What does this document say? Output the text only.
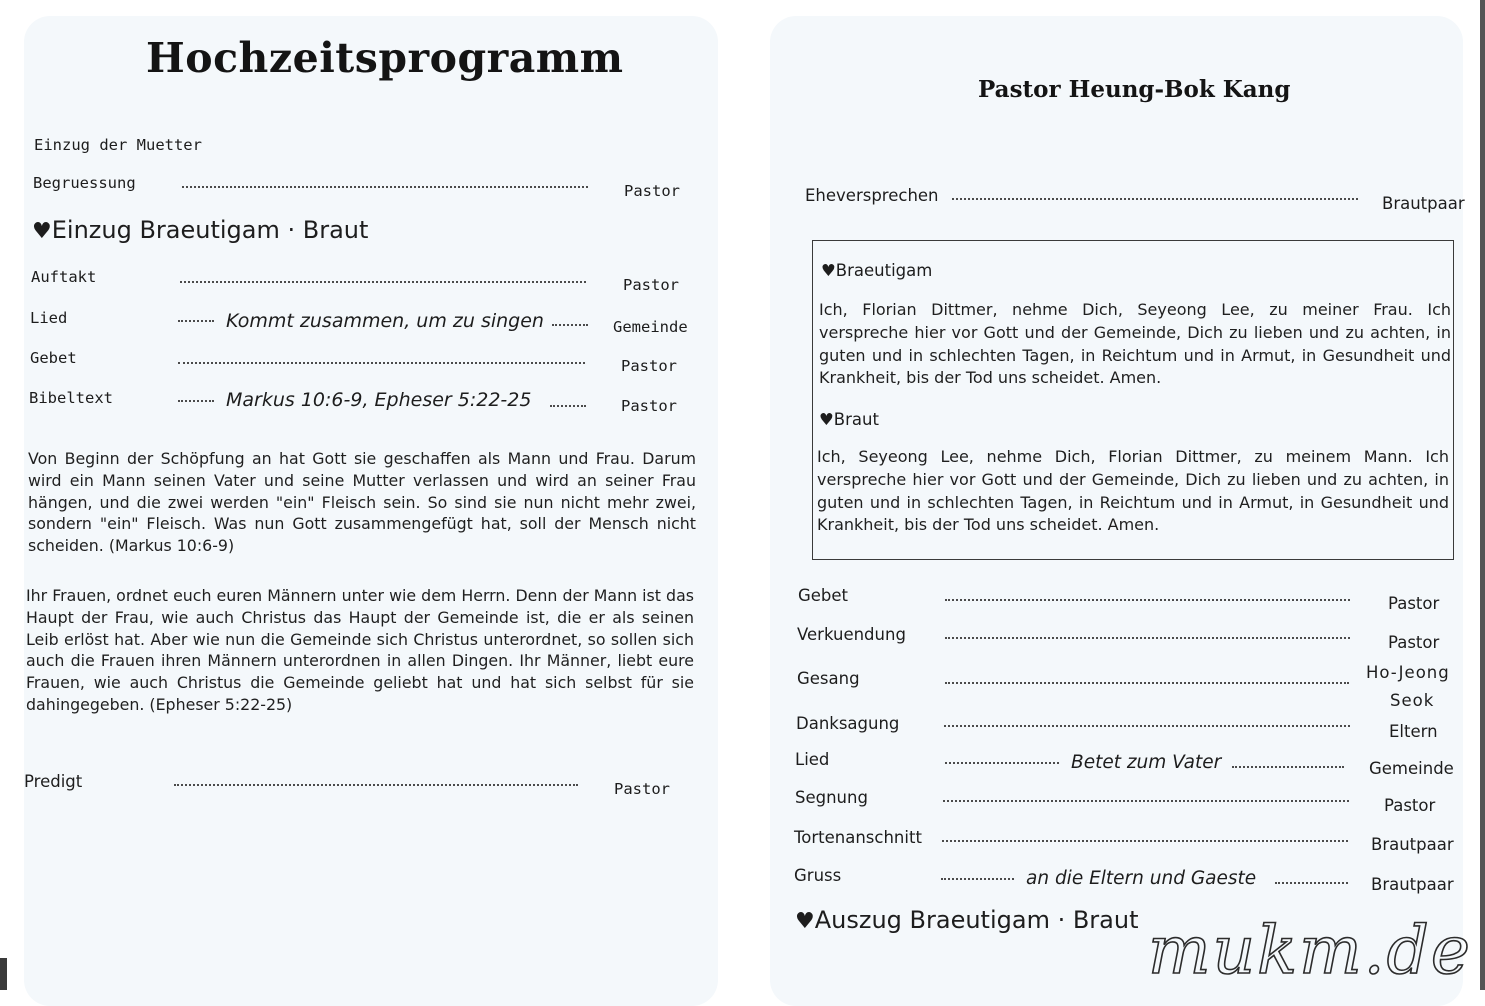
Hochzeitsprogramm
Einzug der Muetter
Begruessung	Pastor
♥Einzug Braeutigam · Braut
Auftakt	Pastor
Lied	Kommt zusammen, um zu singen	Gemeinde
Gebet	Pastor
Bibeltext	Markus 10:6-9, Epheser 5:22-25	Pastor

Von Beginn der Schöpfung an hat Gott sie geschaffen als Mann und Frau. Darum wird ein Mann seinen Vater und seine Mutter verlassen und wird an seiner Frau hängen, und die zwei werden "ein" Fleisch sein. So sind sie nun nicht mehr zwei, sondern "ein" Fleisch. Was nun Gott zusammengefügt hat, soll der Mensch nicht scheiden. (Markus 10:6-9)

Ihr Frauen, ordnet euch euren Männern unter wie dem Herrn. Denn der Mann ist das Haupt der Frau, wie auch Christus das Haupt der Gemeinde ist, die er als seinen Leib erlöst hat. Aber wie nun die Gemeinde sich Christus unterordnet, so sollen sich auch die Frauen ihren Männern unterordnen in allen Dingen. Ihr Männer, liebt eure Frauen, wie auch Christus die Gemeinde geliebt hat und hat sich selbst für sie dahingegeben. (Epheser 5:22-25)

Predigt	Pastor
Pastor Heung-Bok Kang
Eheversprechen	Brautpaar
♥Braeutigam

Ich, Florian Dittmer, nehme Dich, Seyeong Lee, zu meiner Frau. Ich verspreche hier vor Gott und der Gemeinde, Dich zu lieben und zu achten, in guten und in schlechten Tagen, in Reichtum und in Armut, in Gesundheit und Krankheit, bis der Tod uns scheidet. Amen.

♥Braut

Ich, Seyeong Lee, nehme Dich, Florian Dittmer, zu meinem Mann. Ich verspreche hier vor Gott und der Gemeinde, Dich zu lieben und zu achten, in guten und in schlechten Tagen, in Reichtum und in Armut, in Gesundheit und Krankheit, bis der Tod uns scheidet. Amen.

Gebet	Pastor
Verkuendung	Pastor
Gesang	Ho-Jeong
Seok
Danksagung	Eltern
Lied	Betet zum Vater	Gemeinde
Segnung	Pastor
Tortenanschnitt	Brautpaar
Gruss	an die Eltern und Gaeste	Brautpaar
♥Auszug Braeutigam · Braut mukm.de
